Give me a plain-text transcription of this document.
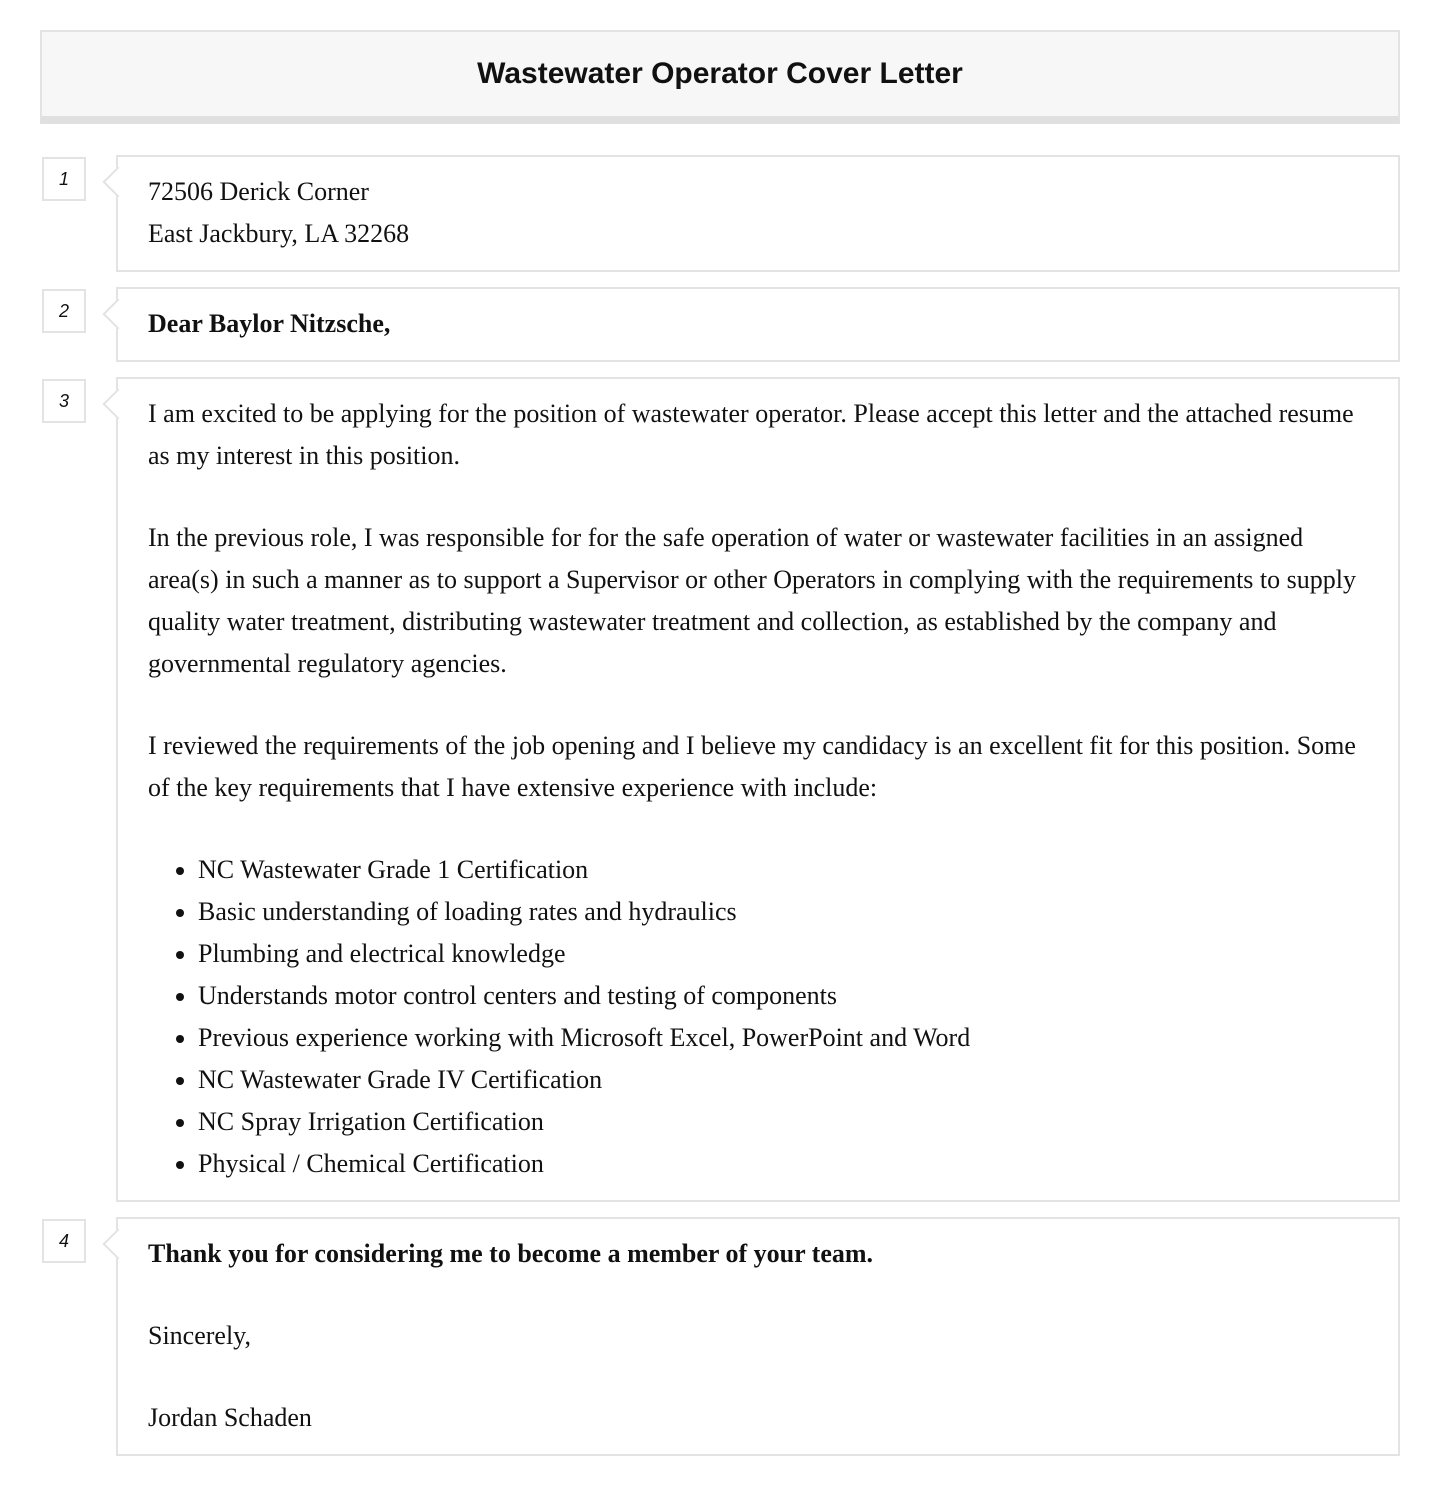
Wastewater Operator Cover Letter
1	72506 Derick Corner
East Jackbury, LA 32268
2	Dear Baylor Nitzsche,
3	I am excited to be applying for the position of wastewater operator. Please accept this letter and the attached resume as my interest in this position.

In the previous role, I was responsible for for the safe operation of water or wastewater facilities in an assigned area(s) in such a manner as to support a Supervisor or other Operators in complying with the requirements to supply quality water treatment, distributing wastewater treatment and collection, as established by the company and governmental regulatory agencies.

I reviewed the requirements of the job opening and I believe my candidacy is an excellent fit for this position. Some of the key requirements that I have extensive experience with include:

• NC Wastewater Grade 1 Certification
• Basic understanding of loading rates and hydraulics
• Plumbing and electrical knowledge
• Understands motor control centers and testing of components
• Previous experience working with Microsoft Excel, PowerPoint and Word
• NC Wastewater Grade IV Certification
• NC Spray Irrigation Certification
• Physical / Chemical Certification
4	Thank you for considering me to become a member of your team.

Sincerely,

Jordan Schaden
